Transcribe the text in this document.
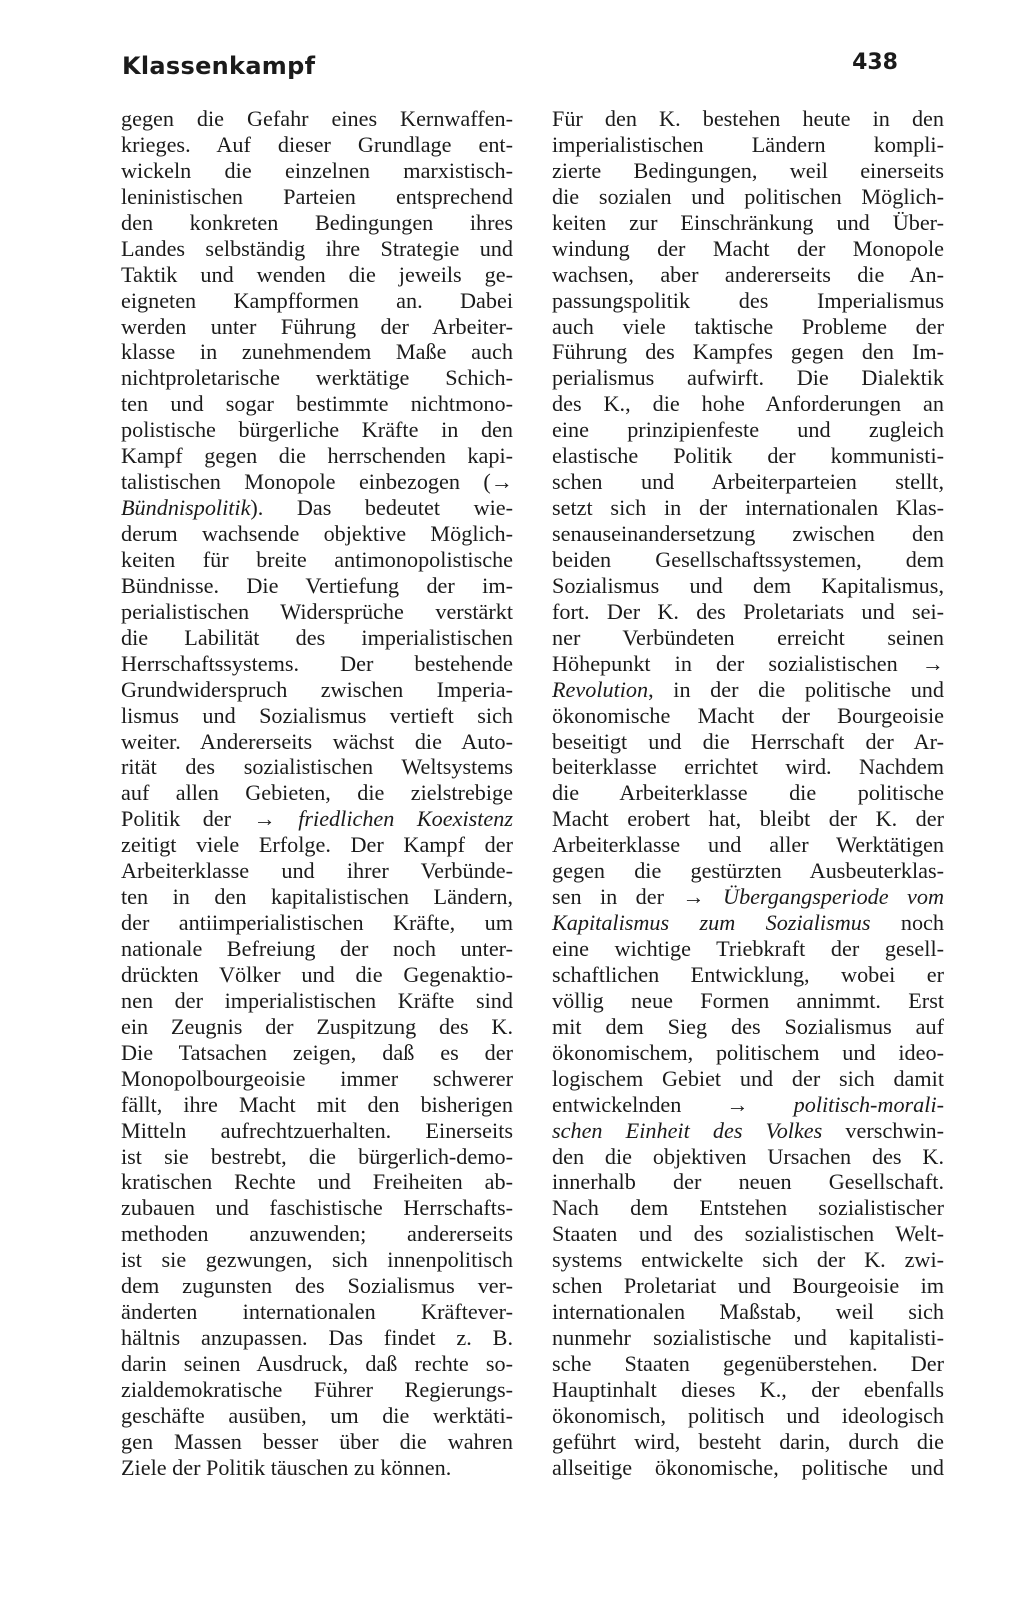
Klassenkampf	438
gegen die Gefahr eines Kernwaffen-
krieges. Auf dieser Grundlage ent-
wickeln die einzelnen marxistisch-
leninistischen Parteien entsprechend
den konkreten Bedingungen ihres
Landes selbständig ihre Strategie und
Taktik und wenden die jeweils ge-
eigneten Kampfformen an. Dabei
werden unter Führung der Arbeiter-
klasse in zunehmendem Maße auch
nichtproletarische werktätige Schich-
ten und sogar bestimmte nichtmono-
polistische bürgerliche Kräfte in den
Kampf gegen die herrschenden kapi-
talistischen Monopole einbezogen (→
Bündnispolitik). Das bedeutet wie-
derum wachsende objektive Möglich-
keiten für breite antimonopolistische
Bündnisse. Die Vertiefung der im-
perialistischen Widersprüche verstärkt
die Labilität des imperialistischen
Herrschaftssystems. Der bestehende
Grundwiderspruch zwischen Imperia-
lismus und Sozialismus vertieft sich
weiter. Andererseits wächst die Auto-
rität des sozialistischen Weltsystems
auf allen Gebieten, die zielstrebige
Politik der → friedlichen Koexistenz
zeitigt viele Erfolge. Der Kampf der
Arbeiterklasse und ihrer Verbünde-
ten in den kapitalistischen Ländern,
der antiimperialistischen Kräfte, um
nationale Befreiung der noch unter-
drückten Völker und die Gegenaktio-
nen der imperialistischen Kräfte sind
ein Zeugnis der Zuspitzung des K.
Die Tatsachen zeigen, daß es der
Monopolbourgeoisie immer schwerer
fällt, ihre Macht mit den bisherigen
Mitteln aufrechtzuerhalten. Einerseits
ist sie bestrebt, die bürgerlich-demo-
kratischen Rechte und Freiheiten ab-
zubauen und faschistische Herrschafts-
methoden anzuwenden; andererseits
ist sie gezwungen, sich innenpolitisch
dem zugunsten des Sozialismus ver-
änderten internationalen Kräftever-
hältnis anzupassen. Das findet z. B.
darin seinen Ausdruck, daß rechte so-
zialdemokratische Führer Regierungs-
geschäfte ausüben, um die werktäti-
gen Massen besser über die wahren
Ziele der Politik täuschen zu können.
Für den K. bestehen heute in den
imperialistischen Ländern kompli-
zierte Bedingungen, weil einerseits
die sozialen und politischen Möglich-
keiten zur Einschränkung und Über-
windung der Macht der Monopole
wachsen, aber andererseits die An-
passungspolitik des Imperialismus
auch viele taktische Probleme der
Führung des Kampfes gegen den Im-
perialismus aufwirft. Die Dialektik
des K., die hohe Anforderungen an
eine prinzipienfeste und zugleich
elastische Politik der kommunisti-
schen und Arbeiterparteien stellt,
setzt sich in der internationalen Klas-
senauseinandersetzung zwischen den
beiden Gesellschaftssystemen, dem
Sozialismus und dem Kapitalismus,
fort. Der K. des Proletariats und sei-
ner Verbündeten erreicht seinen
Höhepunkt in der sozialistischen →
Revolution, in der die politische und
ökonomische Macht der Bourgeoisie
beseitigt und die Herrschaft der Ar-
beiterklasse errichtet wird. Nachdem
die Arbeiterklasse die politische
Macht erobert hat, bleibt der K. der
Arbeiterklasse und aller Werktätigen
gegen die gestürzten Ausbeuterklas-
sen in der → Übergangsperiode vom
Kapitalismus zum Sozialismus noch
eine wichtige Triebkraft der gesell-
schaftlichen Entwicklung, wobei er
völlig neue Formen annimmt. Erst
mit dem Sieg des Sozialismus auf
ökonomischem, politischem und ideo-
logischem Gebiet und der sich damit
entwickelnden → politisch-morali-
schen Einheit des Volkes verschwin-
den die objektiven Ursachen des K.
innerhalb der neuen Gesellschaft.
Nach dem Entstehen sozialistischer
Staaten und des sozialistischen Welt-
systems entwickelte sich der K. zwi-
schen Proletariat und Bourgeoisie im
internationalen Maßstab, weil sich
nunmehr sozialistische und kapitalisti-
sche Staaten gegenüberstehen. Der
Hauptinhalt dieses K., der ebenfalls
ökonomisch, politisch und ideologisch
geführt wird, besteht darin, durch die
allseitige ökonomische, politische und
